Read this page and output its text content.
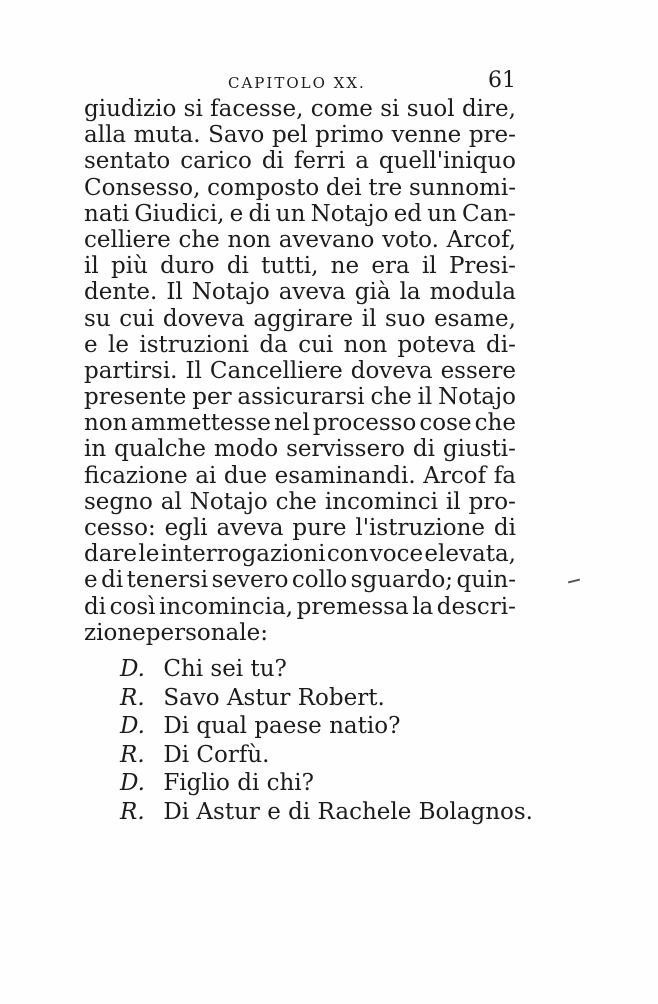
CAPITOLO XX.	61
giudizio si facesse, come si suol dire,
alla muta. Savo pel primo venne pre-
sentato carico di ferri a quell'iniquo
Consesso, composto dei tre sunnomi-
nati Giudici, e di un Notajo ed un Can-
celliere che non avevano voto. Arcof,
il più duro di tutti, ne era il Presi-
dente. Il Notajo aveva già la modula
su cui doveva aggirare il suo esame,
e le istruzioni da cui non poteva di-
partirsi. Il Cancelliere doveva essere
presente per assicurarsi che il Notajo
non ammettesse nel processo cose che
in qualche modo servissero di giusti-
ficazione ai due esaminandi. Arcof fa
segno al Notajo che incominci il pro-
cesso: egli aveva pure l'istruzione di
dare le interrogazioni con voce elevata,
e di tenersi severo collo sguardo; quin-
di così incomincia, premessa la descri-
zione personale:
D. Chi sei tu?
R. Savo Astur Robert.
D. Di qual paese natio?
R. Di Corfù.
D. Figlio di chi?
R. Di Astur e di Rachele Bolagnos.
